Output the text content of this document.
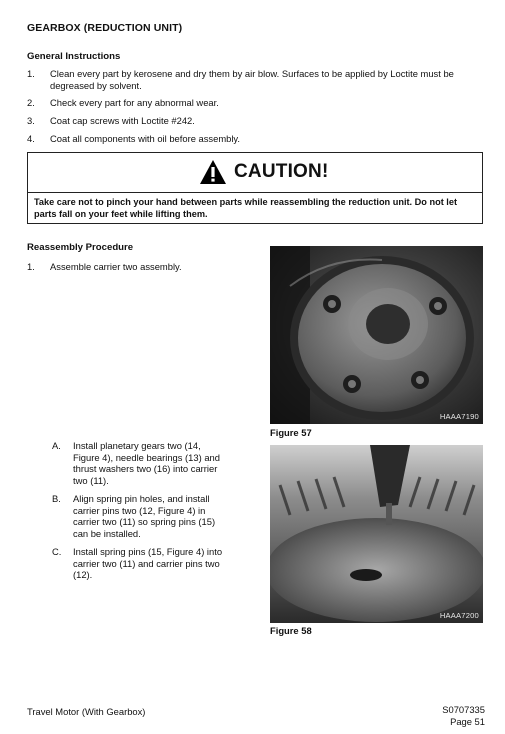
GEARBOX (REDUCTION UNIT)
General Instructions
1. Clean every part by kerosene and dry them by air blow. Surfaces to be applied by Loctite must be
degreased by solvent.
2. Check every part for any abnormal wear.
3. Coat cap screws with Loctite #242.
4. Coat all components with oil before assembly.
CAUTION!
Take care not to pinch your hand between parts while reassembling the reduction unit. Do not let
parts fall on your feet while lifting them.
Reassembly Procedure
1. Assemble carrier two assembly.
A. Install planetary gears two (14,
Figure 4), needle bearings (13) and
thrust washers two (16) into carrier
two (11).
B. Align spring pin holes, and install
carrier pins two (12, Figure 4) in
carrier two (11) so spring pins (15)
can be installed.
C. Install spring pins (15, Figure 4) into
carrier two (11) and carrier pins two
(12).
HAAA7190
Figure 57
HAAA7200
Figure 58
Travel Motor (With Gearbox)	S0707335
Page 51
